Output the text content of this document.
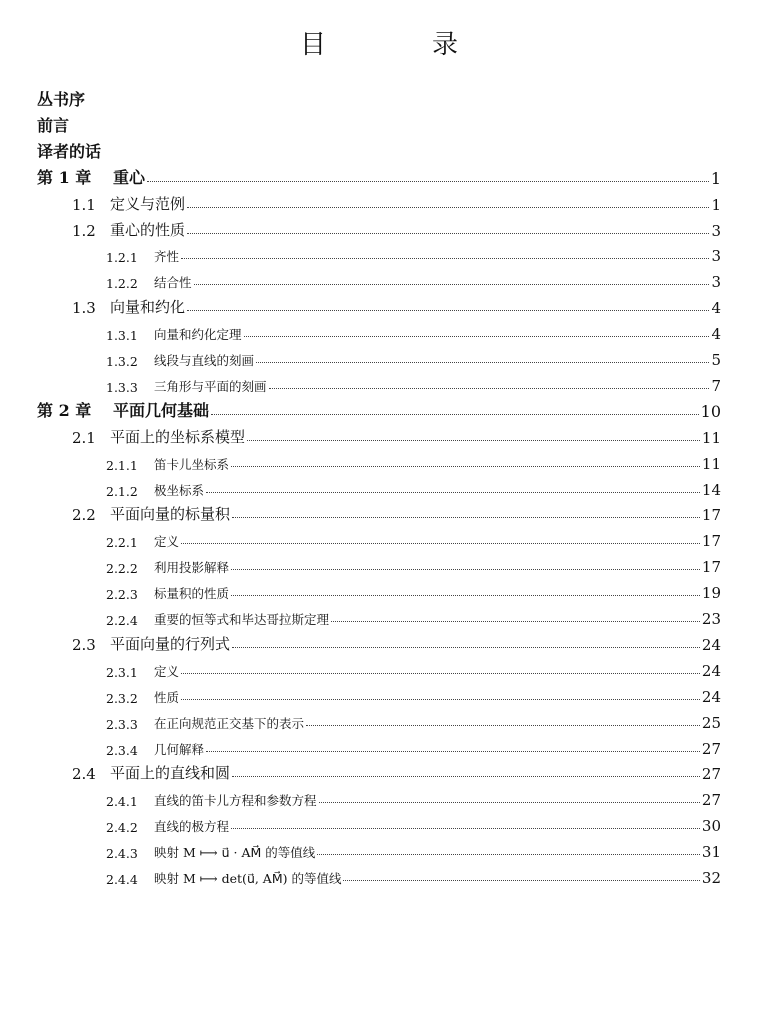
目　录
丛书序
前言
译者的话
第 1 章	重心	1
1.1 定义与范例	1
1.2 重心的性质	3
1.2.1	齐性	3
1.2.2	结合性	3
1.3 向量和约化	4
1.3.1	向量和约化定理	4
1.3.2	线段与直线的刻画	5
1.3.3	三角形与平面的刻画	7
第 2 章	平面几何基础	10
2.1 平面上的坐标系模型	11
2.1.1	笛卡儿坐标系	11
2.1.2	极坐标系	14
2.2 平面向量的标量积	17
2.2.1	定义	17
2.2.2	利用投影解释	17
2.2.3	标量积的性质	19
2.2.4	重要的恒等式和毕达哥拉斯定理	23
2.3 平面向量的行列式	24
2.3.1	定义	24
2.3.2	性质	24
2.3.3	在正向规范正交基下的表示	25
2.3.4	几何解释	27
2.4 平面上的直线和圆	27
2.4.1	直线的笛卡儿方程和参数方程	27
2.4.2	直线的极方程	30
2.4.3	映射 M ⟼ u⃗ · AM⃗ 的等值线	31
2.4.4	映射 M ⟼ det(u⃗, AM⃗) 的等值线	32
